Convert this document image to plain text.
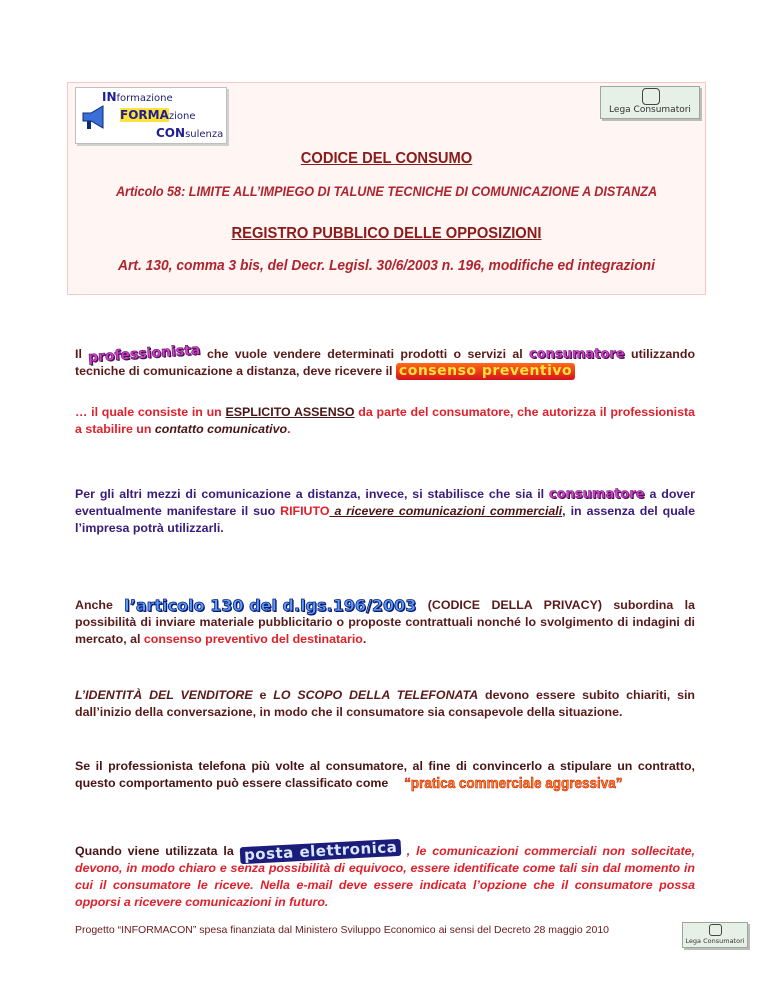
INformazione
FORMAzione
CONsulenza
Lega Consumatori
CODICE DEL CONSUMO
Articolo 58: LIMITE ALL’IMPIEGO DI TALUNE TECNICHE DI COMUNICAZIONE A DISTANZA
REGISTRO PUBBLICO DELLE OPPOSIZIONI
Art. 130, comma 3 bis, del Decr. Legisl. 30/6/2003 n. 196, modifiche ed integrazioni
Il professionista che vuole vendere determinati prodotti o servizi al consumatore utilizzando tecniche di comunicazione a distanza, deve ricevere il consenso preventivo
… il quale consiste in un ESPLICITO ASSENSO da parte del consumatore, che autorizza il professionista a stabilire un contatto comunicativo.
Per gli altri mezzi di comunicazione a distanza, invece, si stabilisce che sia il consumatore a dover eventualmente manifestare il suo RIFIUTO a ricevere comunicazioni commerciali, in assenza del quale l’impresa potrà utilizzarli.
Anche l’articolo 130 del d.lgs.196/2003 (CODICE DELLA PRIVACY) subordina la possibilità di inviare materiale pubblicitario o proposte contrattuali nonché lo svolgimento di indagini di mercato, al consenso preventivo del destinatario.
L’IDENTITÀ DEL VENDITORE e LO SCOPO DELLA TELEFONATA devono essere subito chiariti, sin dall’inizio della conversazione, in modo che il consumatore sia consapevole della situazione.
Se il professionista telefona più volte al consumatore, al fine di convincerlo a stipulare un contratto, questo comportamento può essere classificato come “pratica commerciale aggressiva”
Quando viene utilizzata la posta elettronica , le comunicazioni commerciali non sollecitate, devono, in modo chiaro e senza possibilità di equivoco, essere identificate come tali sin dal momento in cui il consumatore le riceve. Nella e-mail deve essere indicata l’opzione che il consumatore possa opporsi a ricevere comunicazioni in futuro.
Progetto “INFORMACON” spesa finanziata dal Ministero Sviluppo Economico ai sensi del Decreto 28 maggio 2010
Lega Consumatori
